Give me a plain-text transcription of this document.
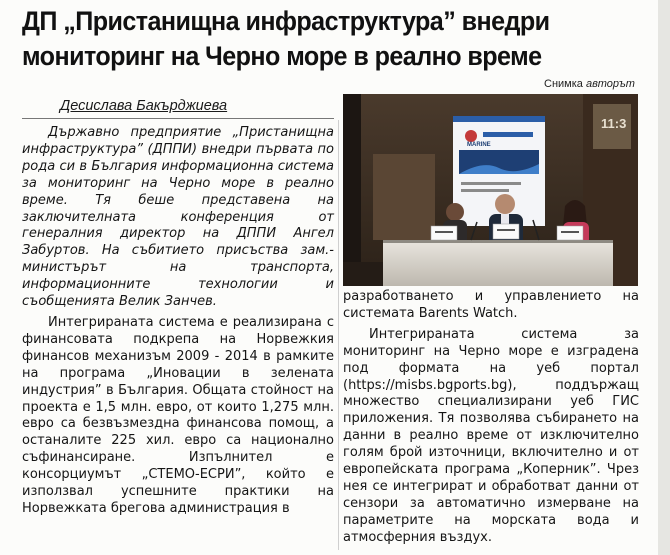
ДП „Пристанищна инфраструктура” внедри
мониторинг на Черно море в реално време
Снимка авторът
Десислава Бакърджиева

Държавно предприятие „Пристанищна инфраструктура” (ДППИ) внедри първата по рода си в България информационна система за мониторинг на Черно море в реално време. Тя беше представена на заключителната конференция от генералния директор на ДППИ Ангел Забуртов. На събитието присъства зам.-министърът на транспорта, информационните технологии и съобщенията Велик Занчев.

Интегрираната система е реализирана с финансовата подкрепа на Норвежкия финансов механизъм 2009 - 2014 в рамките на програма „Иновации в зелената индустрия” в България. Общата стойност на проекта е 1,5 млн. евро, от които 1,275 млн. евро са безвъзмездна финансова помощ, а останалите 225 хил. евро са национално съфинансиране. Изпълнител е консорциумът „СТЕМО-ЕСРИ”, който е използвал успешните практики на Норвежката брегова администрация в

MARINE
11:3

разработването и управлението на системата Barents Watch.

Интегрираната система за мониторинг на Черно море е изградена под формата на уеб портал (https://misbs.bgports.bg), поддържащ множество специализирани уеб ГИС приложения. Тя позволява събирането на данни в реално време от изключително голям брой източници, включително и от европейската програма „Коперник”. Чрез нея се интегрират и обработват данни от сензори за автоматично измерване на параметрите на морската вода и атмосферния въздух.
